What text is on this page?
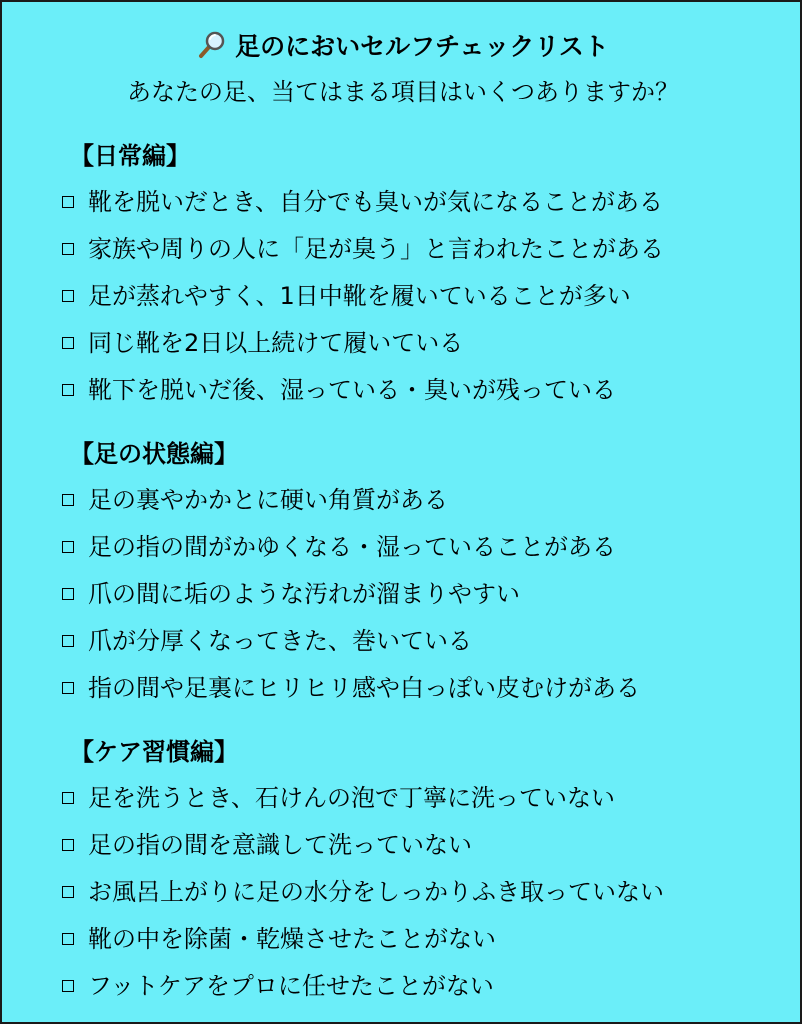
足のにおいセルフチェックリスト
あなたの足、当てはまる項目はいくつありますか？
【日常編】
靴を脱いだとき、自分でも臭いが気になることがある
家族や周りの人に「足が臭う」と言われたことがある
足が蒸れやすく、1日中靴を履いていることが多い
同じ靴を2日以上続けて履いている
靴下を脱いだ後、湿っている・臭いが残っている
【足の状態編】
足の裏やかかとに硬い角質がある
足の指の間がかゆくなる・湿っていることがある
爪の間に垢のような汚れが溜まりやすい
爪が分厚くなってきた、巻いている
指の間や足裏にヒリヒリ感や白っぽい皮むけがある
【ケア習慣編】
足を洗うとき、石けんの泡で丁寧に洗っていない
足の指の間を意識して洗っていない
お風呂上がりに足の水分をしっかりふき取っていない
靴の中を除菌・乾燥させたことがない
フットケアをプロに任せたことがない
